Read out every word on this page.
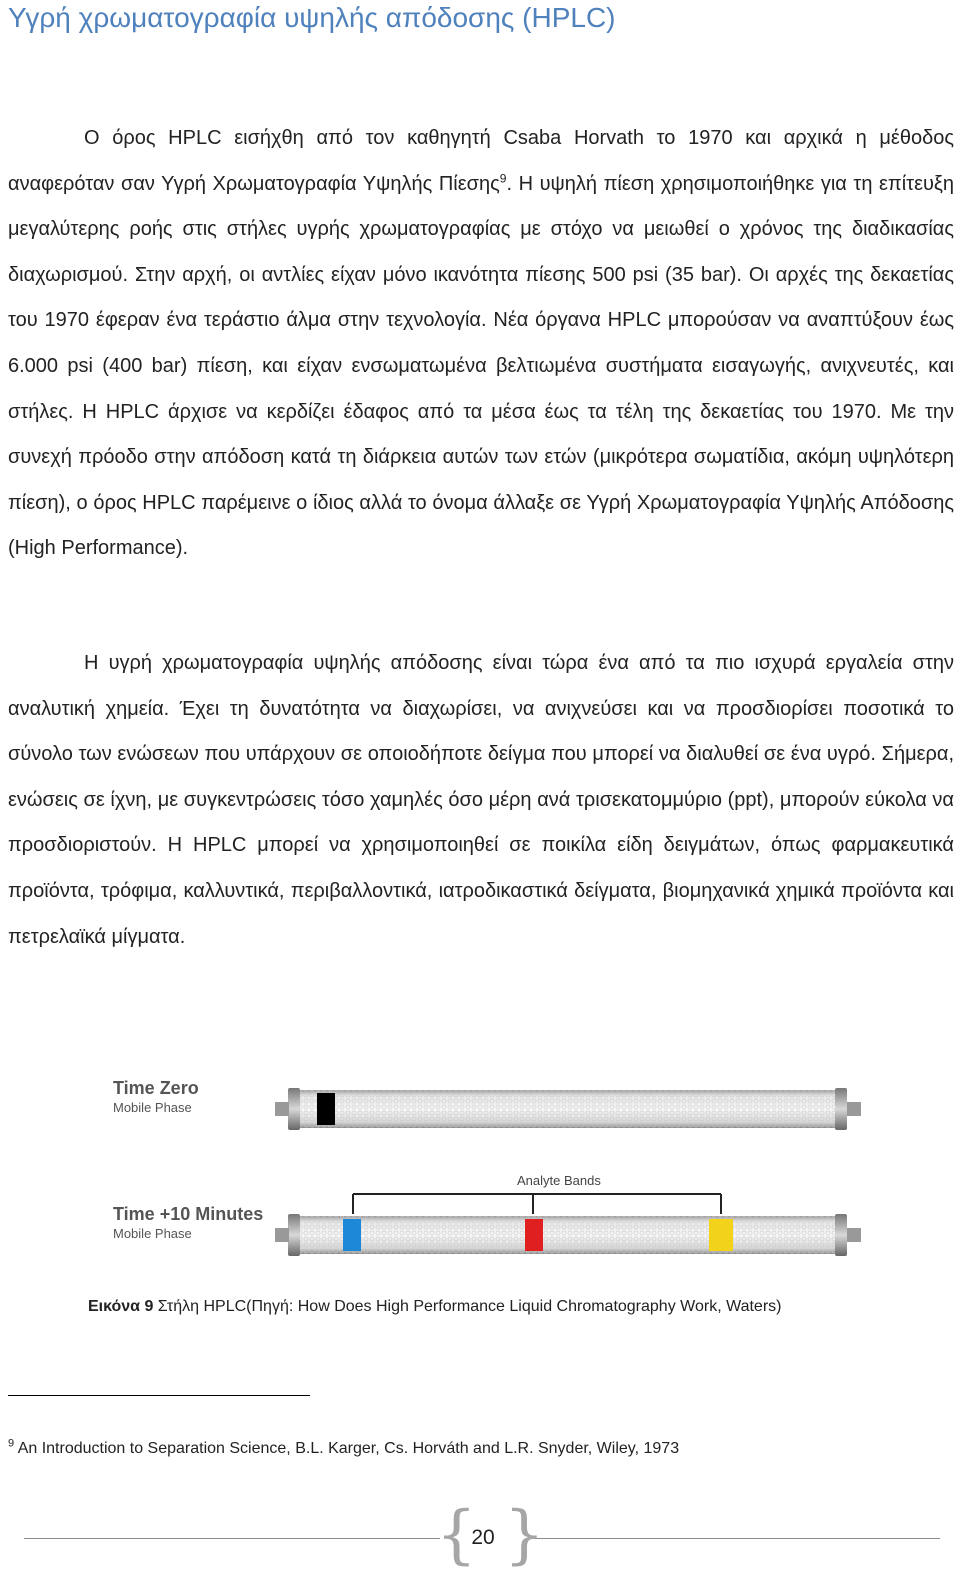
Υγρή χρωματογραφία υψηλής απόδοσης (HPLC)

Ο όρος HPLC εισήχθη από τον καθηγητή Csaba Horvath το 1970 και αρχικά η μέθοδος αναφερόταν σαν Υγρή Χρωματογραφία Υψηλής Πίεσης$^9$. Η υψηλή πίεση χρησιμοποιήθηκε για τη επίτευξη μεγαλύτερης ροής στις στήλες υγρής χρωματογραφίας με στόχο να μειωθεί ο χρόνος της διαδικασίας διαχωρισμού. Στην αρχή, οι αντλίες είχαν μόνο ικανότητα πίεσης 500 psi (35 bar). Οι αρχές της δεκαετίας του 1970 έφεραν ένα τεράστιο άλμα στην τεχνολογία. Νέα όργανα HPLC μπορούσαν να αναπτύξουν έως 6.000 psi (400 bar) πίεση, και είχαν ενσωματωμένα βελτιωμένα συστήματα εισαγωγής, ανιχνευτές, και στήλες. Η HPLC άρχισε να κερδίζει έδαφος από τα μέσα έως τα τέλη της δεκαετίας του 1970. Με την συνεχή πρόοδο στην απόδοση κατά τη διάρκεια αυτών των ετών (μικρότερα σωματίδια, ακόμη υψηλότερη πίεση), ο όρος HPLC παρέμεινε ο ίδιος αλλά το όνομα άλλαξε σε Υγρή Χρωματογραφία Υψηλής Απόδοσης (High Performance).

Η υγρή χρωματογραφία υψηλής απόδοσης είναι τώρα ένα από τα πιο ισχυρά εργαλεία στην αναλυτική χημεία. Έχει τη δυνατότητα να διαχωρίσει, να ανιχνεύσει και να προσδιορίσει ποσοτικά το σύνολο των ενώσεων που υπάρχουν σε οποιοδήποτε δείγμα που μπορεί να διαλυθεί σε ένα υγρό. Σήμερα, ενώσεις σε ίχνη, με συγκεντρώσεις τόσο χαμηλές όσο μέρη ανά τρισεκατομμύριο (ppt), μπορούν εύκολα να προσδιοριστούν. Η HPLC μπορεί να χρησιμοποιηθεί σε ποικίλα είδη δειγμάτων, όπως φαρμακευτικά προϊόντα, τρόφιμα, καλλυντικά, περιβαλλοντικά, ιατροδικαστικά δείγματα, βιομηχανικά χημικά προϊόντα και πετρελαϊκά μίγματα.

Time Zero
Mobile Phase
Analyte Bands
Time +10 Minutes
Mobile Phase
Εικόνα 9 Στήλη HPLC(Πηγή: How Does High Performance Liquid Chromatography Work, Waters)
$^9$ An Introduction to Separation Science, B.L. Karger, Cs. Horváth and L.R. Snyder, Wiley, 1973
{ }
20
